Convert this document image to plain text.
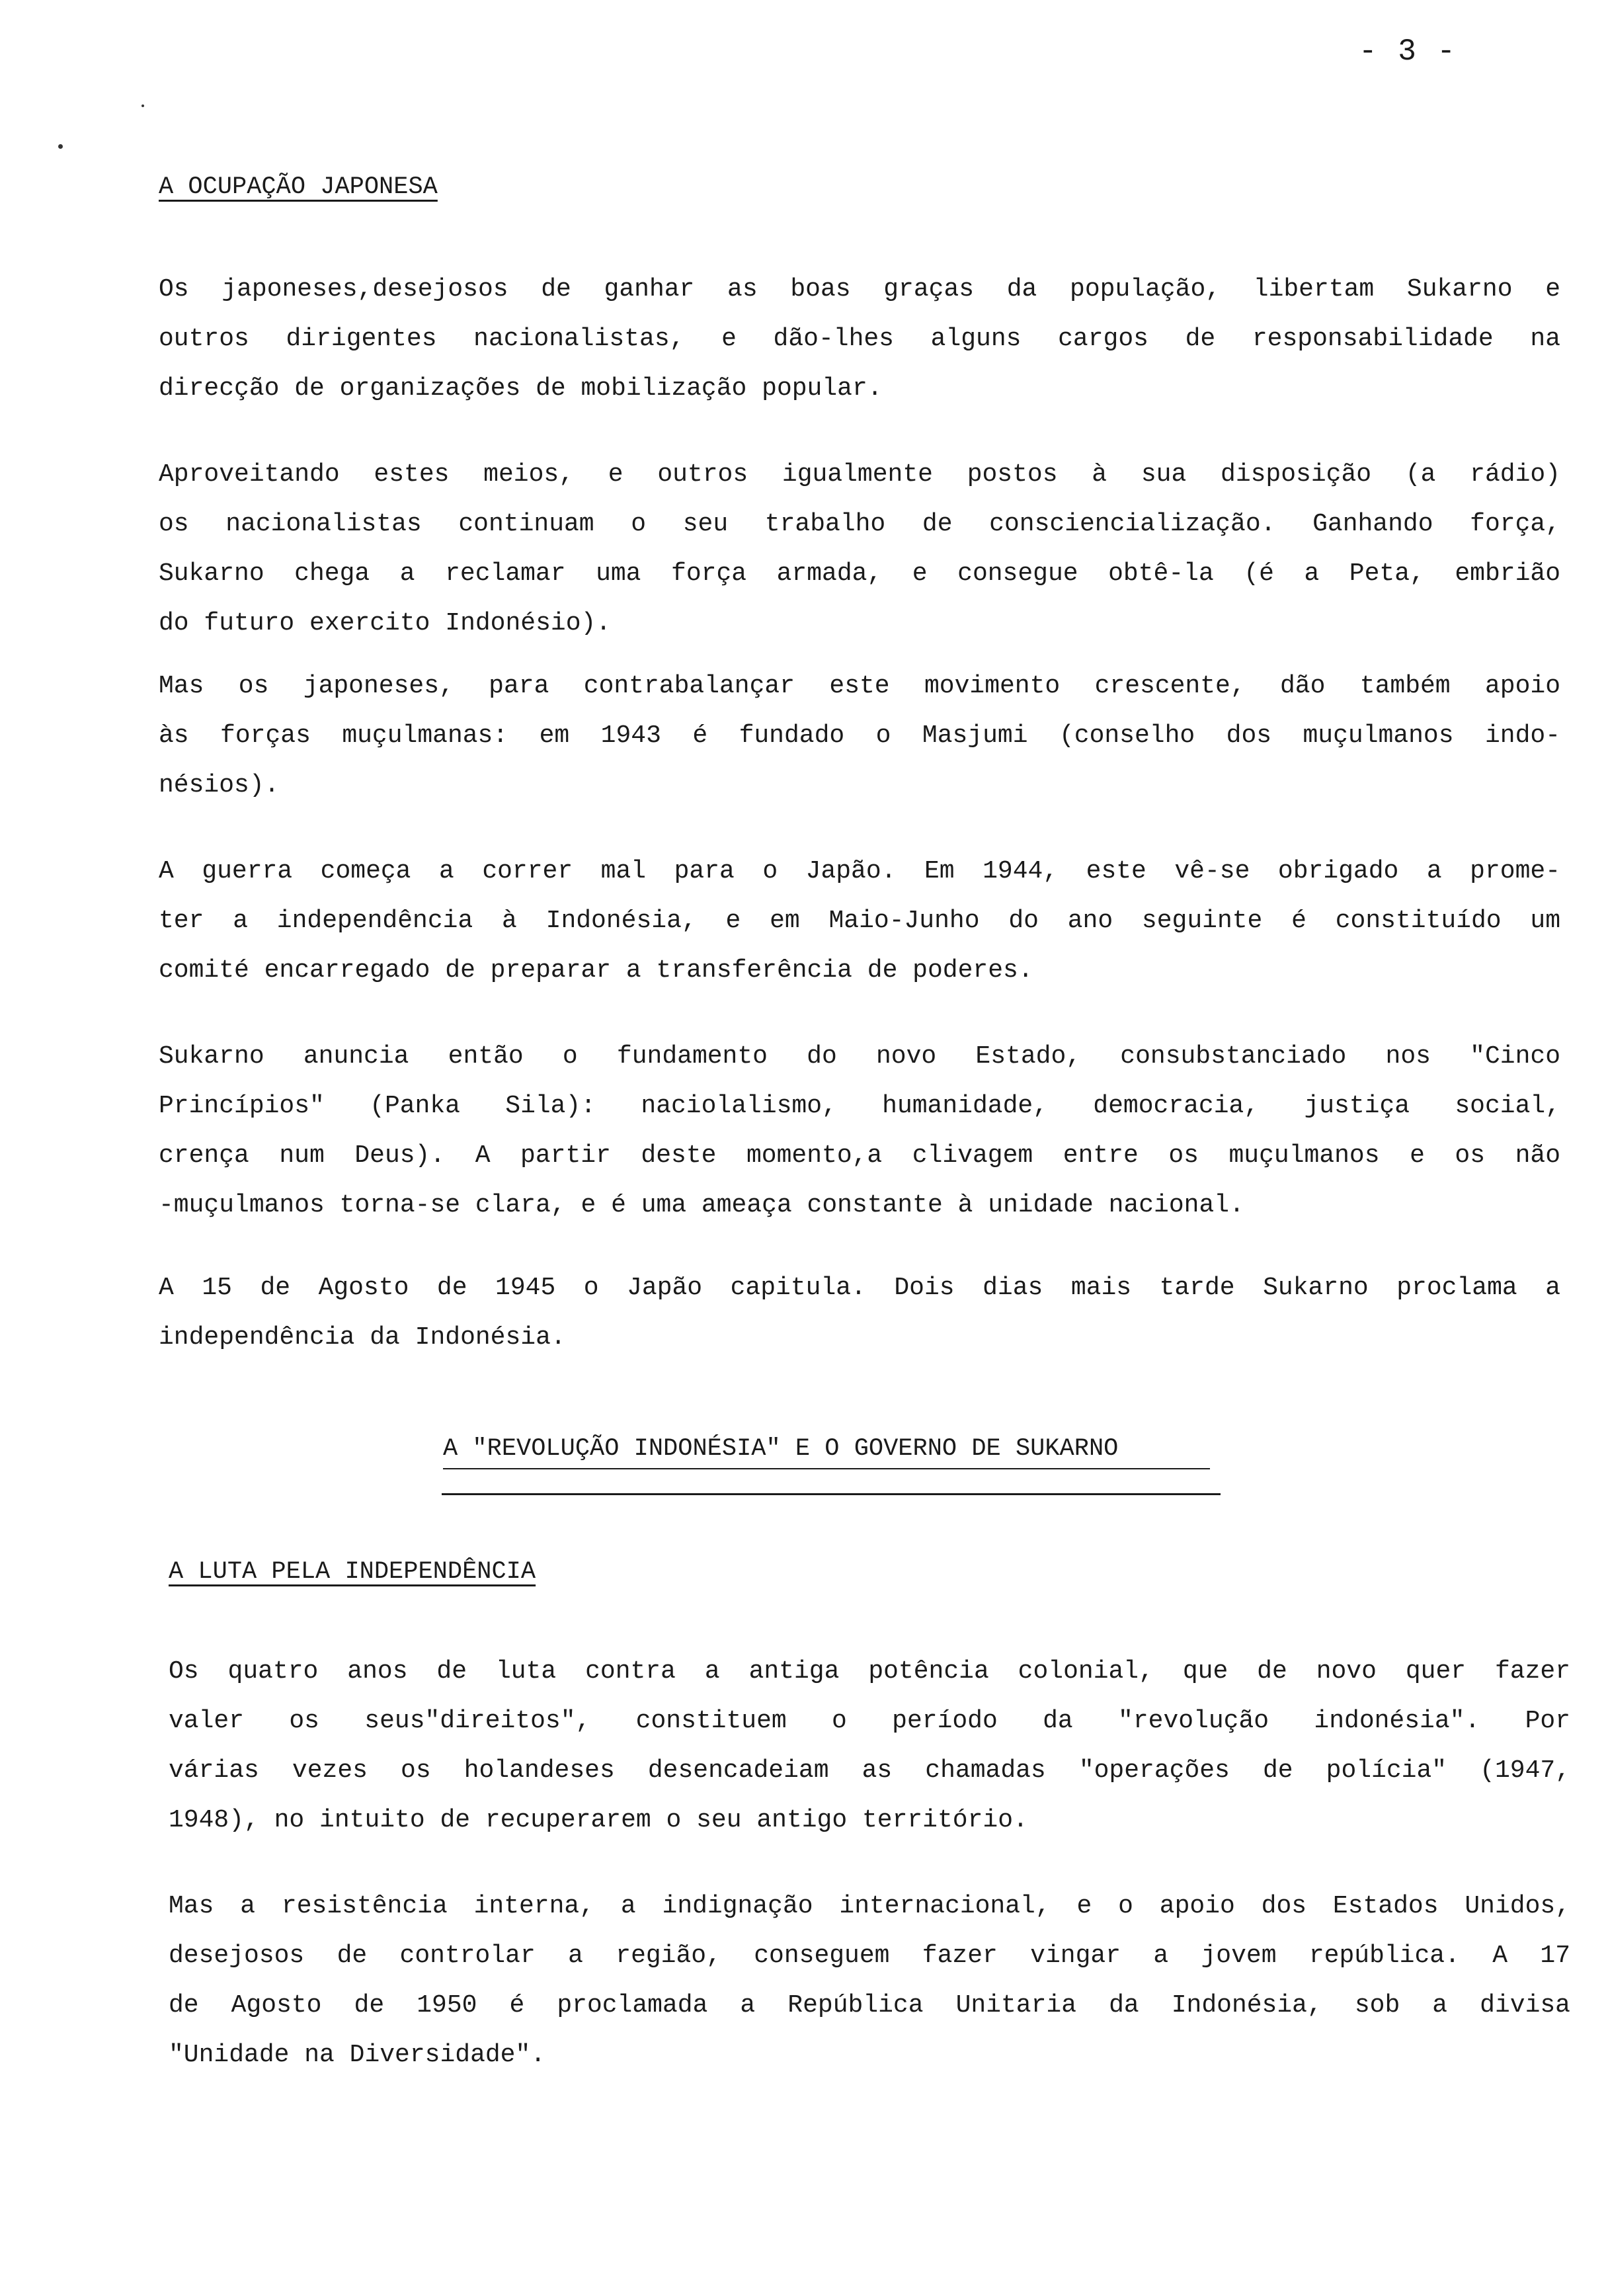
- 3 -
A OCUPAÇÃO JAPONESA
Os japoneses,desejosos de ganhar as boas graças da população, libertam Sukarno e
outros dirigentes nacionalistas, e dão-lhes alguns cargos de responsabilidade na
direcção de organizações de mobilização popular.
Aproveitando estes meios, e outros igualmente postos à sua disposição (a rádio)
os nacionalistas continuam o seu trabalho de consciencialização. Ganhando força,
Sukarno chega a reclamar uma força armada, e consegue obtê-la (é a Peta, embrião
do futuro exercito Indonésio).
Mas os japoneses, para contrabalançar este movimento crescente, dão também apoio
às forças muçulmanas: em 1943 é fundado o Masjumi (conselho dos muçulmanos indo-
nésios).
A guerra começa a correr mal para o Japão. Em 1944, este vê-se obrigado a prome-
ter a independência à Indonésia, e em Maio-Junho do ano seguinte é constituído um
comité encarregado de preparar a transferência de poderes.
Sukarno anuncia então o fundamento do novo Estado, consubstanciado nos "Cinco
Princípios" (Panka Sila): naciolalismo, humanidade, democracia, justiça social,
crença num Deus). A partir deste momento,a clivagem entre os muçulmanos e os não
-muçulmanos torna-se clara, e é uma ameaça constante à unidade nacional.
A 15 de Agosto de 1945 o Japão capitula. Dois dias mais tarde Sukarno proclama a
independência da Indonésia.
A "REVOLUÇÃO INDONÉSIA" E O GOVERNO DE SUKARNO
A LUTA PELA INDEPENDÊNCIA
Os quatro anos de luta contra a antiga potência colonial, que de novo quer fazer
valer os seus"direitos", constituem o período da "revolução indonésia". Por
várias vezes os holandeses desencadeiam as chamadas "operações de polícia" (1947,
1948), no intuito de recuperarem o seu antigo território.
Mas a resistência interna, a indignação internacional, e o apoio dos Estados Unidos,
desejosos de controlar a região, conseguem fazer vingar a jovem república. A 17
de Agosto de 1950 é proclamada a República Unitaria da Indonésia, sob a divisa
"Unidade na Diversidade".
